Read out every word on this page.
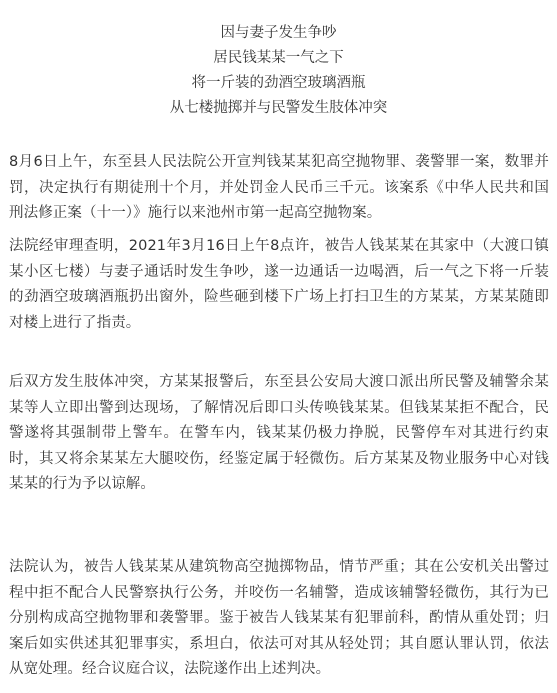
因与妻子发生争吵
居民钱某某一气之下
将一斤装的劲酒空玻璃酒瓶
从七楼抛掷并与民警发生肢体冲突

8月6日上午，东至县人民法院公开宣判钱某某犯高空抛物罪、袭警罪一案，数罪并罚，决定执行有期徒刑十个月，并处罚金人民币三千元。该案系《中华人民共和国刑法修正案（十一）》施行以来池州市第一起高空抛物案。

法院经审理查明，2021年3月16日上午8点许，被告人钱某某在其家中（大渡口镇某小区七楼）与妻子通话时发生争吵，遂一边通话一边喝酒，后一气之下将一斤装的劲酒空玻璃酒瓶扔出窗外，险些砸到楼下广场上打扫卫生的方某某，方某某随即对楼上进行了指责。

后双方发生肢体冲突，方某某报警后，东至县公安局大渡口派出所民警及辅警余某某等人立即出警到达现场，了解情况后即口头传唤钱某某。但钱某某拒不配合，民警遂将其强制带上警车。在警车内，钱某某仍极力挣脱，民警停车对其进行约束时，其又将余某某左大腿咬伤，经鉴定属于轻微伤。后方某某及物业服务中心对钱某某的行为予以谅解。

法院认为，被告人钱某某从建筑物高空抛掷物品，情节严重；其在公安机关出警过程中拒不配合人民警察执行公务，并咬伤一名辅警，造成该辅警轻微伤，其行为已分别构成高空抛物罪和袭警罪。鉴于被告人钱某某有犯罪前科，酌情从重处罚；归案后如实供述其犯罪事实，系坦白，依法可对其从轻处罚；其自愿认罪认罚，依法从宽处理。经合议庭合议，法院遂作出上述判决。
